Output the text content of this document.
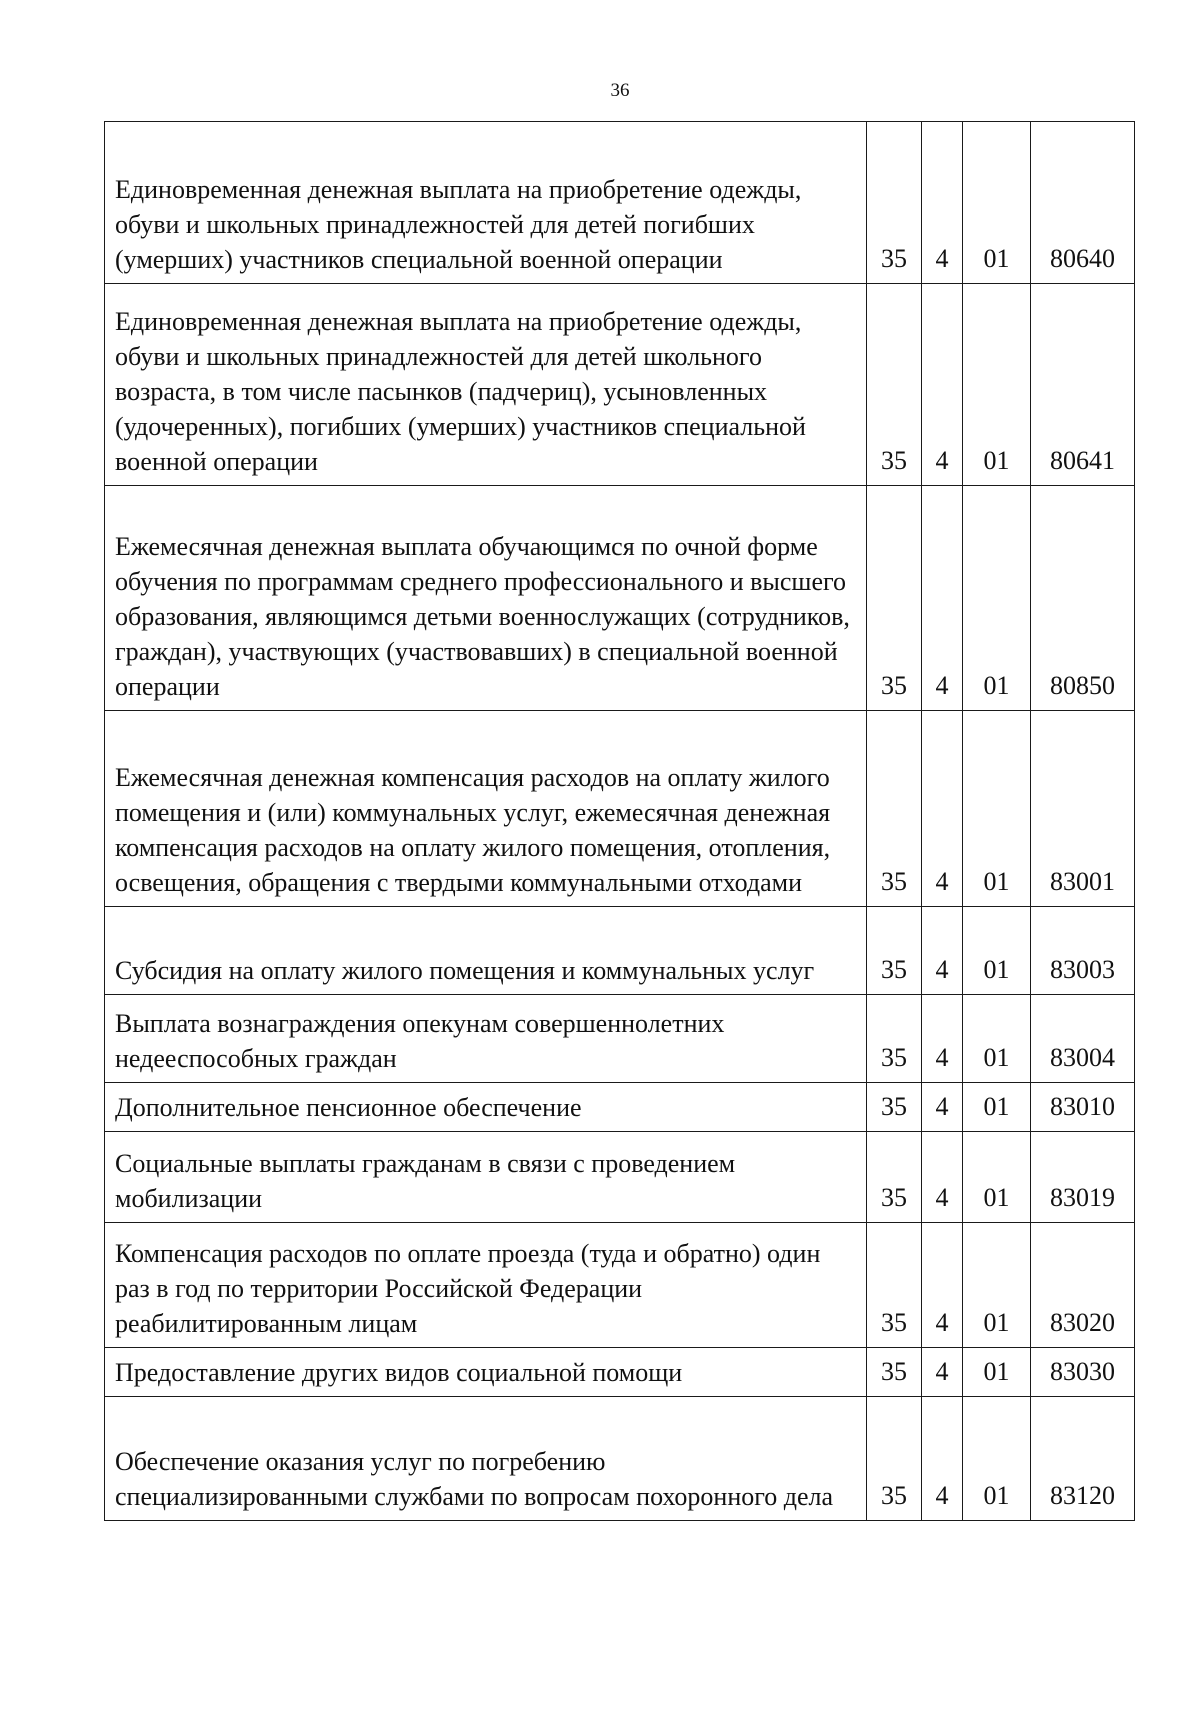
36
Единовременная денежная выплата на приобретение одежды, обуви и школьных принадлежностей для детей погибших (умерших) участников специальной военной операции	35	4	01	80640
Единовременная денежная выплата на приобретение одежды, обуви и школьных принадлежностей для детей школьного возраста, в том числе пасынков (падчериц), усыновленных (удочеренных), погибших (умерших) участников специальной военной операции	35	4	01	80641
Ежемесячная денежная выплата обучающимся по очной форме обучения по программам среднего профессионального и высшего образования, являющимся детьми военнослужащих (сотрудников, граждан), участвующих (участвовавших) в специальной военной операции	35	4	01	80850
Ежемесячная денежная компенсация расходов на оплату жилого помещения и (или) коммунальных услуг, ежемесячная денежная компенсация расходов на оплату жилого помещения, отопления, освещения, обращения с твердыми коммунальными отходами	35	4	01	83001
Субсидия на оплату жилого помещения и коммунальных услуг	35	4	01	83003
Выплата вознаграждения опекунам совершеннолетних недееспособных граждан	35	4	01	83004
Дополнительное пенсионное обеспечение	35	4	01	83010
Социальные выплаты гражданам в связи с проведением мобилизации	35	4	01	83019
Компенсация расходов по оплате проезда (туда и обратно) один раз в год по территории Российской Федерации реабилитированным лицам	35	4	01	83020
Предоставление других видов социальной помощи	35	4	01	83030
Обеспечение оказания услуг по погребению специализированными службами по вопросам похоронного дела	35	4	01	83120
